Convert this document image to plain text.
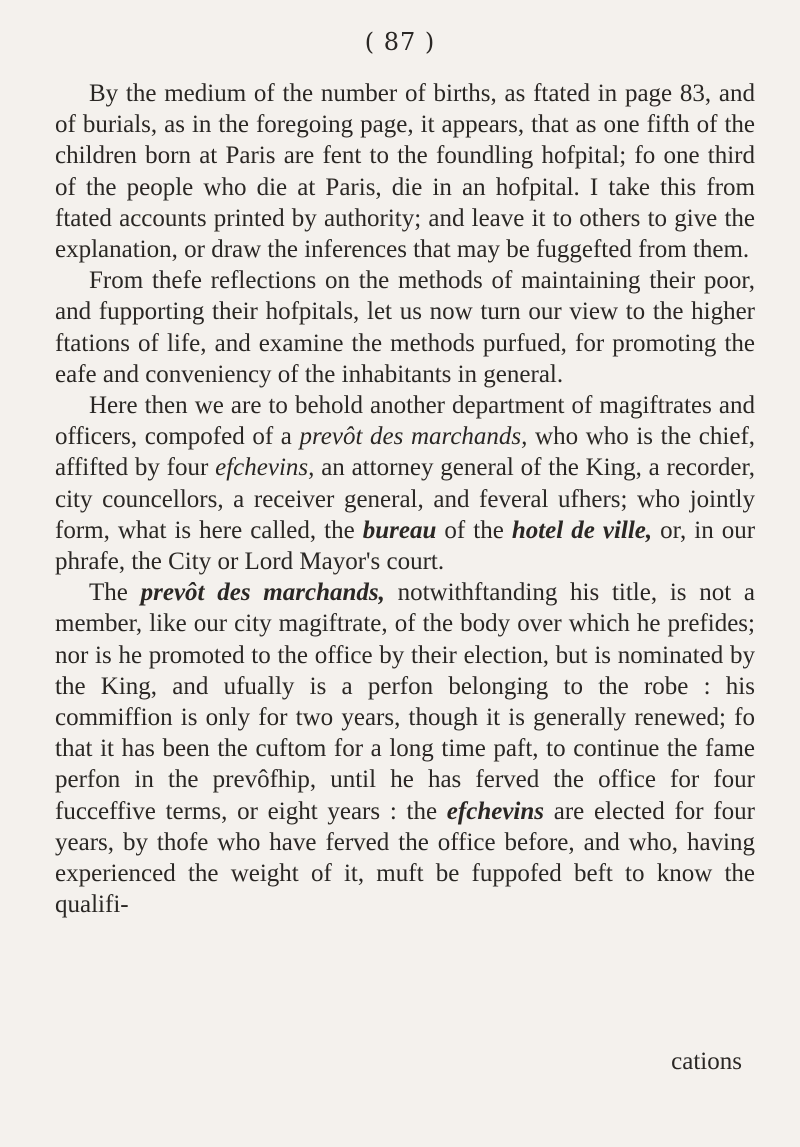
( 87 )

By the medium of the number of births, as ftated in page 83, and of burials, as in the foregoing page, it appears, that as one fifth of the children born at Paris are fent to the foundling hofpital; fo one third of the people who die at Paris, die in an hofpital. I take this from ftated accounts printed by authority; and leave it to others to give the explanation, or draw the inferences that may be fuggefted from them.

From thefe reflections on the methods of maintaining their poor, and fupporting their hofpitals, let us now turn our view to the higher ftations of life, and examine the methods purfued, for promoting the eafe and conveniency of the inhabitants in general.

Here then we are to behold another department of magiftrates and officers, compofed of a prevôt des marchands, who who is the chief, affifted by four efchevins, an attorney general of the King, a recorder, city councellors, a receiver general, and feveral ufhers; who jointly form, what is here called, the bureau of the hotel de ville, or, in our phrafe, the City or Lord Mayor's court.

The prevôt des marchands, notwithftanding his title, is not a member, like our city magiftrate, of the body over which he prefides; nor is he promoted to the office by their election, but is nominated by the King, and ufually is a perfon belonging to the robe : his commiffion is only for two years, though it is generally renewed; fo that it has been the cuftom for a long time paft, to continue the fame perfon in the prevôfhip, until he has ferved the office for four fucceffive terms, or eight years : the efchevins are elected for four years, by thofe who have ferved the office before, and who, having experienced the weight of it, muft be fuppofed beft to know the qualifi-

cations
